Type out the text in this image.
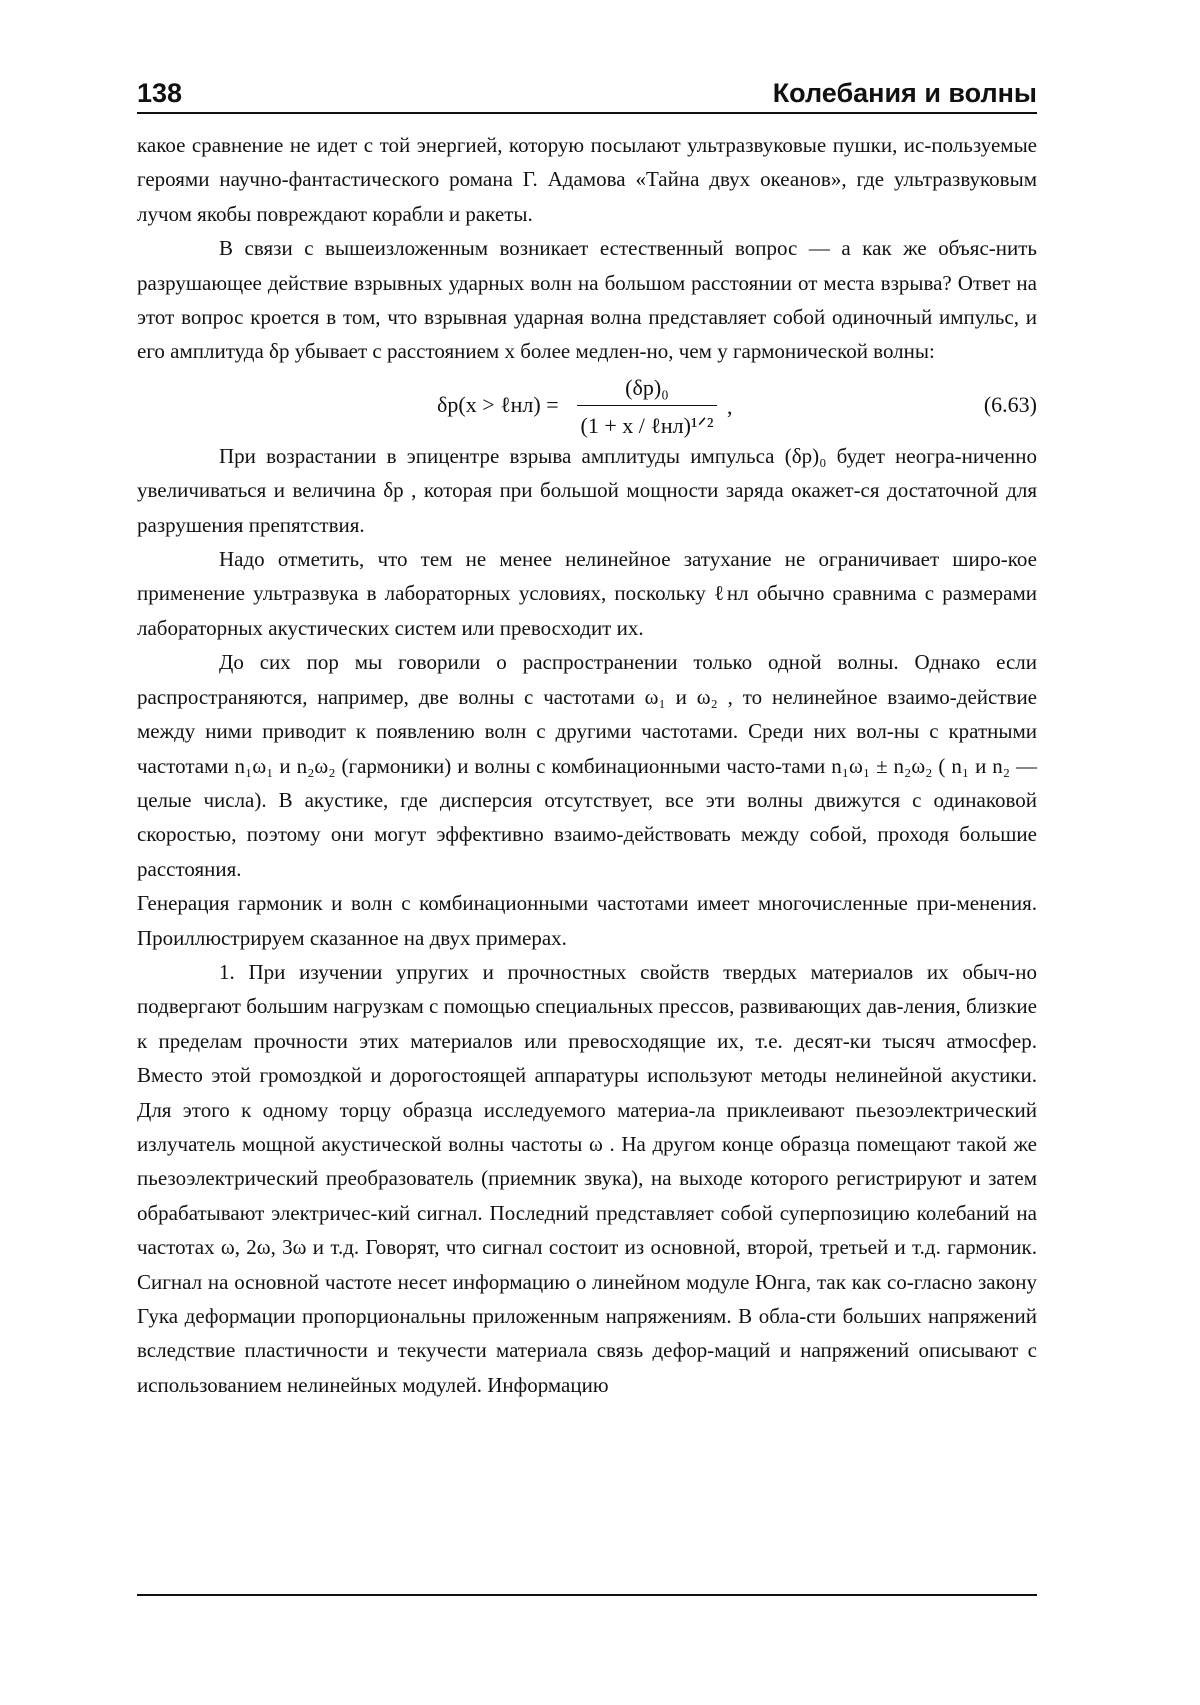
138	Колебания и волны

какое сравнение не идет с той энергией, которую посылают ультразвуковые пушки, ис-пользуемые героями научно-фантастического романа Г. Адамова «Тайна двух океанов», где ультразвуковым лучом якобы повреждают корабли и ракеты.

В связи с вышеизложенным возникает естественный вопрос — а как же объяс-нить разрушающее действие взрывных ударных волн на большом расстоянии от места взрыва? Ответ на этот вопрос кроется в том, что взрывная ударная волна представляет собой одиночный импульс, и его амплитуда δp убывает с расстоянием x более медлен-но, чем у гармонической волны:

δp(x > ℓнл) =
(δp)₀
(1 + x / ℓнл)¹ᐟ²
,	(6.63)

При возрастании в эпицентре взрыва амплитуды импульса (δp)₀ будет неогра-ниченно увеличиваться и величина δp , которая при большой мощности заряда окажет-ся достаточной для разрушения препятствия.

Надо отметить, что тем не менее нелинейное затухание не ограничивает широ-кое применение ультразвука в лабораторных условиях, поскольку ℓнл обычно сравнима с размерами лабораторных акустических систем или превосходит их.

До сих пор мы говорили о распространении только одной волны. Однако если распространяются, например, две волны с частотами ω₁ и ω₂ , то нелинейное взаимо-действие между ними приводит к появлению волн с другими частотами. Среди них вол-ны с кратными частотами n₁ω₁ и n₂ω₂ (гармоники) и волны с комбинационными часто-тами n₁ω₁ ± n₂ω₂ ( n₁ и n₂ — целые числа). В акустике, где дисперсия отсутствует, все эти волны движутся с одинаковой скоростью, поэтому они могут эффективно взаимо-действовать между собой, проходя большие расстояния.

Генерация гармоник и волн с комбинационными частотами имеет многочисленные при-менения. Проиллюстрируем сказанное на двух примерах.

1. При изучении упругих и прочностных свойств твердых материалов их обыч-но подвергают большим нагрузкам с помощью специальных прессов, развивающих дав-ления, близкие к пределам прочности этих материалов или превосходящие их, т.е. десят-ки тысяч атмосфер. Вместо этой громоздкой и дорогостоящей аппаратуры используют методы нелинейной акустики. Для этого к одному торцу образца исследуемого материа-ла приклеивают пьезоэлектрический излучатель мощной акустической волны частоты ω . На другом конце образца помещают такой же пьезоэлектрический преобразователь (приемник звука), на выходе которого регистрируют и затем обрабатывают электричес-кий сигнал. Последний представляет собой суперпозицию колебаний на частотах ω, 2ω, 3ω и т.д. Говорят, что сигнал состоит из основной, второй, третьей и т.д. гармоник. Сигнал на основной частоте несет информацию о линейном модуле Юнга, так как со-гласно закону Гука деформации пропорциональны приложенным напряжениям. В обла-сти больших напряжений вследствие пластичности и текучести материала связь дефор-маций и напряжений описывают с использованием нелинейных модулей. Информацию
